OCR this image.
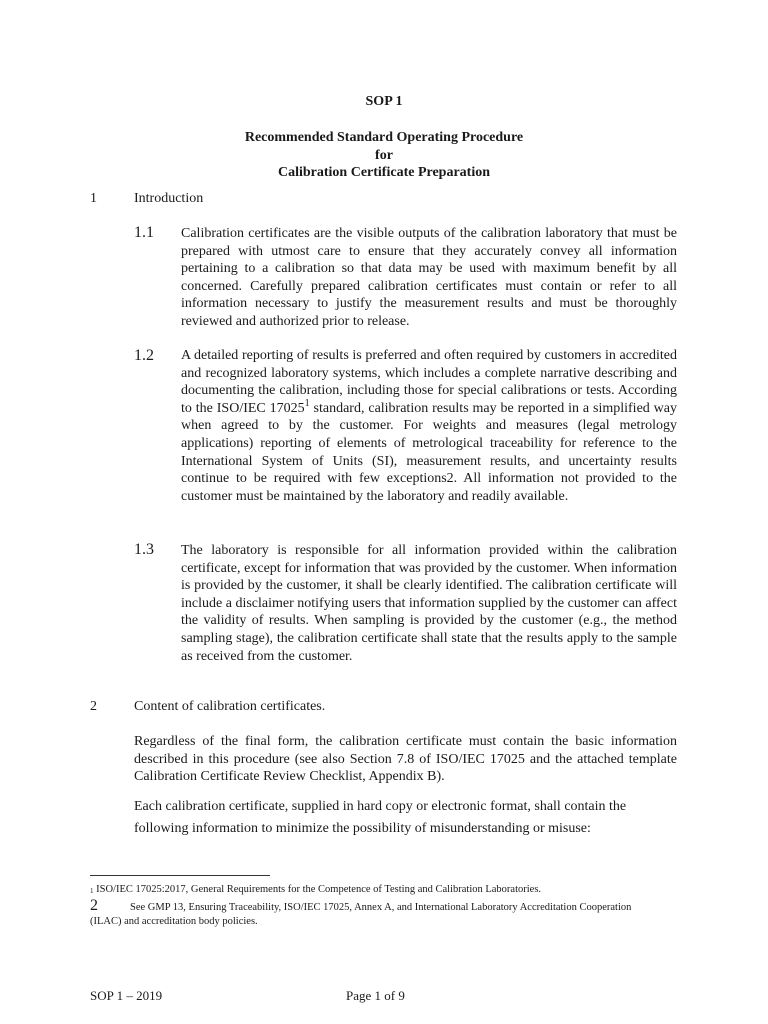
SOP 1
Recommended Standard Operating Procedure
for
Calibration Certificate Preparation
1	Introduction
1.1 Calibration certificates are the visible outputs of the calibration laboratory that must be prepared with utmost care to ensure that they accurately convey all information pertaining to a calibration so that data may be used with maximum benefit by all concerned. Carefully prepared calibration certificates must contain or refer to all information necessary to justify the measurement results and must be thoroughly reviewed and authorized prior to release.
1.2 A detailed reporting of results is preferred and often required by customers in accredited and recognized laboratory systems, which includes a complete narrative describing and documenting the calibration, including those for special calibrations or tests. According to the ISO/IEC 17025$^1$ standard, calibration results may be reported in a simplified way when agreed to by the customer. For weights and measures (legal metrology applications) reporting of elements of metrological traceability for reference to the International System of Units (SI), measurement results, and uncertainty results continue to be required with few exceptions2. All information not provided to the customer must be maintained by the laboratory and readily available.
1.3 The laboratory is responsible for all information provided within the calibration certificate, except for information that was provided by the customer. When information is provided by the customer, it shall be clearly identified. The calibration certificate will include a disclaimer notifying users that information supplied by the customer can affect the validity of results. When sampling is provided by the customer (e.g., the method sampling stage), the calibration certificate shall state that the results apply to the sample as received from the customer.
2	Content of calibration certificates.
Regardless of the final form, the calibration certificate must contain the basic information described in this procedure (see also Section 7.8 of ISO/IEC 17025 and the attached template Calibration Certificate Review Checklist, Appendix B).
Each calibration certificate, supplied in hard copy or electronic format, shall contain the following information to minimize the possibility of misunderstanding or misuse:
1 ISO/IEC 17025:2017, General Requirements for the Competence of Testing and Calibration Laboratories.
2	See GMP 13, Ensuring Traceability, ISO/IEC 17025, Annex A, and International Laboratory Accreditation Cooperation (ILAC) and accreditation body policies.
SOP 1 – 2019	Page 1 of 9
